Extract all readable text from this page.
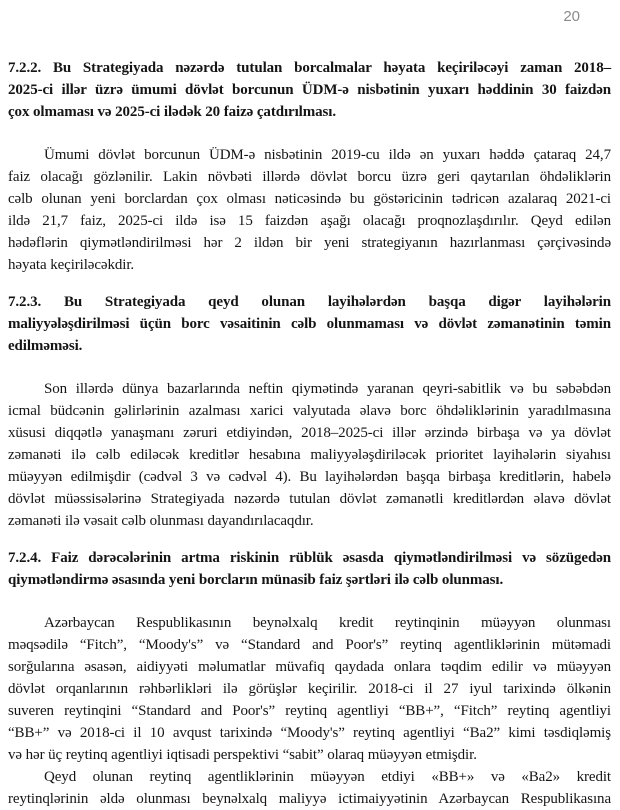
20
7.2.2. Bu Strategiyada nəzərdə tutulan borcalmalar həyata keçiriləcəyi zaman 2018–
2025-ci illər üzrə ümumi dövlət borcunun ÜDM-ə nisbətinin yuxarı həddinin 30 faizdən
çox olmaması və 2025-ci ilədək 20 faizə çatdırılması.
Ümumi dövlət borcunun ÜDM-ə nisbətinin 2019-cu ildə ən yuxarı həddə çataraq 24,7
faiz olacağı gözlənilir. Lakin növbəti illərdə dövlət borcu üzrə geri qaytarılan öhdəliklərin
cəlb olunan yeni borclardan çox olması nəticəsində bu göstəricinin tədricən azalaraq 2021-ci
ildə 21,7 faiz, 2025-ci ildə isə 15 faizdən aşağı olacağı proqnozlaşdırılır. Qeyd edilən
hədəflərin qiymətləndirilməsi hər 2 ildən bir yeni strategiyanın hazırlanması çərçivəsində
həyata keçiriləcəkdir.
7.2.3. Bu Strategiyada qeyd olunan layihələrdən başqa digər layihələrin
maliyyələşdirilməsi üçün borc vəsaitinin cəlb olunmaması və dövlət zəmanətinin təmin
edilməməsi.
Son illərdə dünya bazarlarında neftin qiymətində yaranan qeyri-sabitlik və bu səbəbdən
icmal büdcənin gəlirlərinin azalması xarici valyutada əlavə borc öhdəliklərinin yaradılmasına
xüsusi diqqətlə yanaşmanı zəruri etdiyindən, 2018–2025-ci illər ərzində birbaşa və ya dövlət
zəmanəti ilə cəlb ediləcək kreditlər hesabına maliyyələşdiriləcək prioritet layihələrin siyahısı
müəyyən edilmişdir (cədvəl 3 və cədvəl 4). Bu layihələrdən başqa birbaşa kreditlərin, habelə
dövlət müəssisələrinə Strategiyada nəzərdə tutulan dövlət zəmanətli kreditlərdən əlavə dövlət
zəmanəti ilə vəsait cəlb olunması dayandırılacaqdır.
7.2.4. Faiz dərəcələrinin artma riskinin rüblük əsasda qiymətləndirilməsi və sözügedən
qiymətləndirmə əsasında yeni borcların münasib faiz şərtləri ilə cəlb olunması.
Azərbaycan Respublikasının beynəlxalq kredit reytinqinin müəyyən olunması
məqsədilə “Fitch”, “Moody's” və “Standard and Poor's” reytinq agentliklərinin mütəmadi
sorğularına əsasən, aidiyyəti məlumatlar müvafiq qaydada onlara təqdim edilir və müəyyən
dövlət orqanlarının rəhbərlikləri ilə görüşlər keçirilir. 2018-ci il 27 iyul tarixində ölkənin
suveren reytinqini “Standard and Poor's” reytinq agentliyi “BB+”, “Fitch” reytinq agentliyi
“BB+” və 2018-ci il 10 avqust tarixində “Moody's” reytinq agentliyi “Ba2” kimi təsdiqləmiş
və hər üç reytinq agentliyi iqtisadi perspektivi “sabit” olaraq müəyyən etmişdir.
Qeyd olunan reytinq agentliklərinin müəyyən etdiyi «BB+» və «Ba2» kredit
reytinqlərinin əldə olunması beynəlxalq maliyyə ictimaiyyətinin Azərbaycan Respublikasına
